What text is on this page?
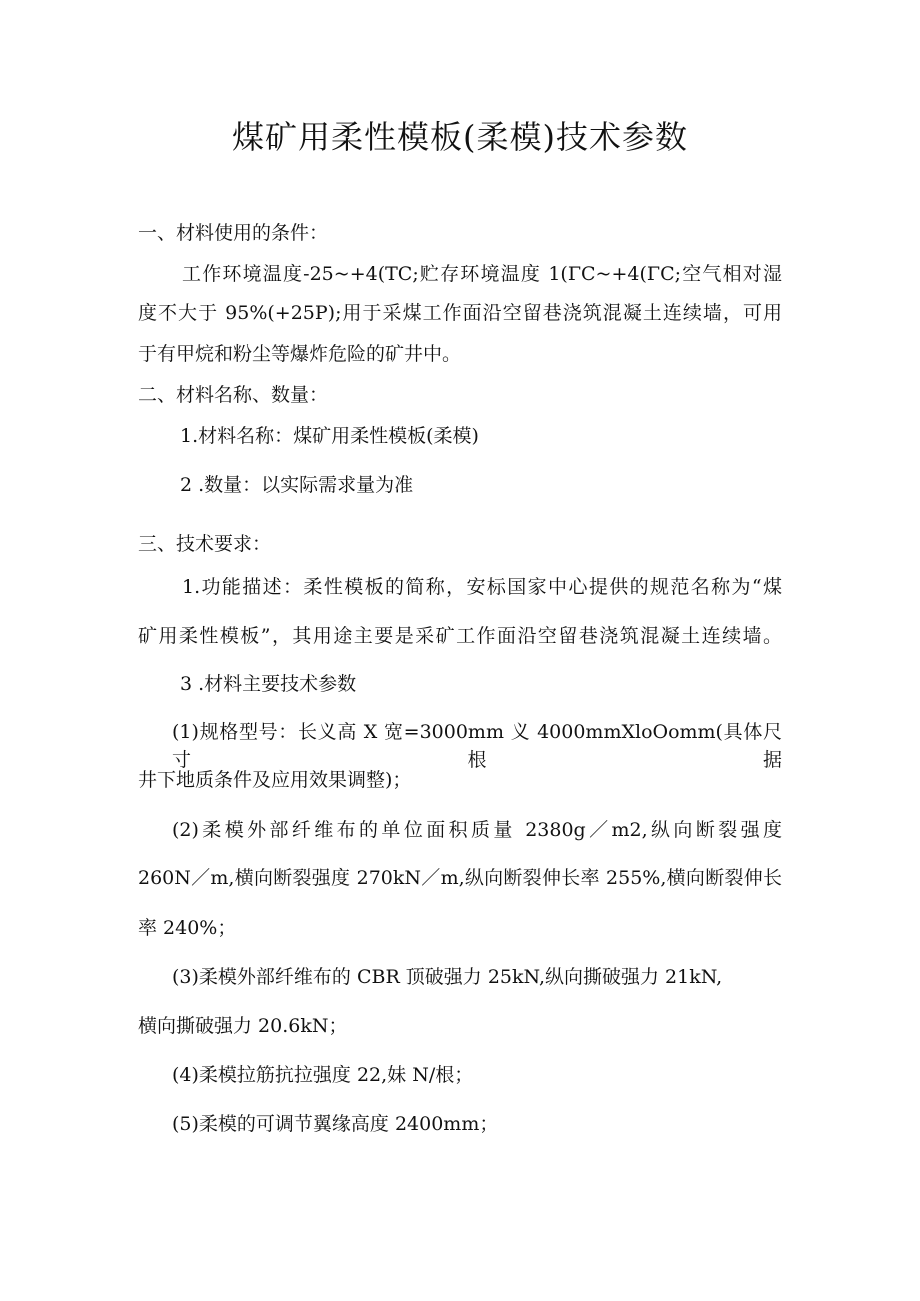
煤矿用柔性模板(柔模)技术参数
一、材料使用的条件：
工作环境温度-25~+4(TC;贮存环境温度 1(ΓC~+4(ΓC;空气相对湿
度不大于 95%(+25P);用于采煤工作面沿空留巷浇筑混凝土连续墙，可用
于有甲烷和粉尘等爆炸危险的矿井中。
二、材料名称、数量：
1.材料名称：煤矿用柔性模板(柔模)
2 .数量：以实际需求量为准
三、技术要求：
1.功能描述：柔性模板的简称，安标国家中心提供的规范名称为“煤
矿用柔性模板”，其用途主要是采矿工作面沿空留巷浇筑混凝土连续墙。
3 .材料主要技术参数
(1)规格型号：长义高 X 宽=3000mm 义 4000mmXloOomm(具体尺寸根据
井下地质条件及应用效果调整)；
(2)柔模外部纤维布的单位面积质量 2380g／m2,纵向断裂强度
260N／m,横向断裂强度 270kN／m,纵向断裂伸长率 255%,横向断裂伸长
率 240%；
(3)柔模外部纤维布的 CBR 顶破强力 25kN,纵向撕破强力 21kN,
横向撕破强力 20.6kN；
(4)柔模拉筋抗拉强度 22,妹 N/根；
(5)柔模的可调节翼缘高度 2400mm；
